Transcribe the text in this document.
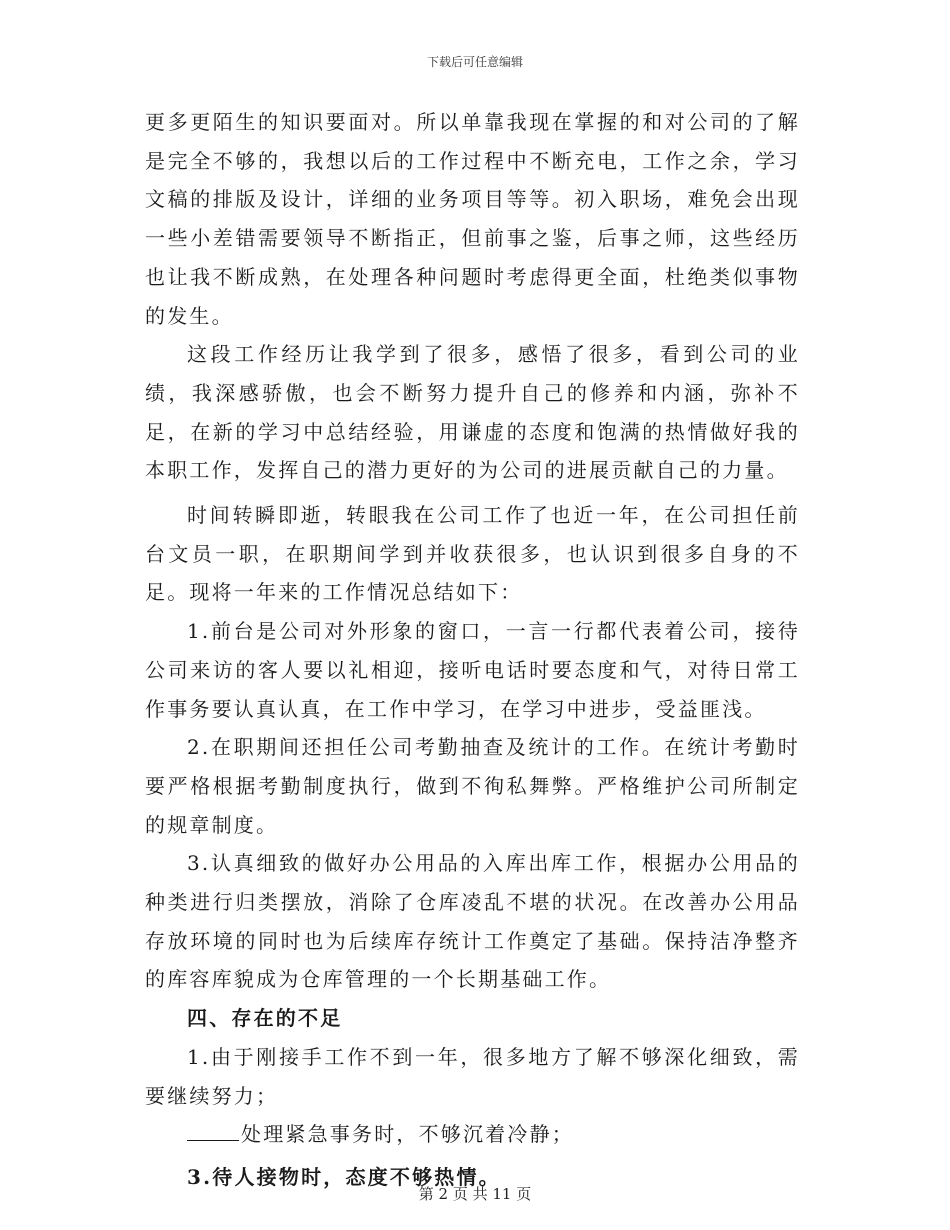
下载后可任意编辑

更多更陌生的知识要面对。所以单靠我现在掌握的和对公司的了解是完全不够的，我想以后的工作过程中不断充电，工作之余，学习文稿的排版及设计，详细的业务项目等等。初入职场，难免会出现一些小差错需要领导不断指正，但前事之鉴，后事之师，这些经历也让我不断成熟，在处理各种问题时考虑得更全面，杜绝类似事物的发生。

这段工作经历让我学到了很多，感悟了很多，看到公司的业绩，我深感骄傲，也会不断努力提升自己的修养和内涵，弥补不足，在新的学习中总结经验，用谦虚的态度和饱满的热情做好我的本职工作，发挥自己的潜力更好的为公司的进展贡献自己的力量。

时间转瞬即逝，转眼我在公司工作了也近一年，在公司担任前台文员一职，在职期间学到并收获很多，也认识到很多自身的不足。现将一年来的工作情况总结如下：

1.前台是公司对外形象的窗口，一言一行都代表着公司，接待公司来访的客人要以礼相迎，接听电话时要态度和气，对待日常工作事务要认真认真，在工作中学习，在学习中进步，受益匪浅。

2.在职期间还担任公司考勤抽查及统计的工作。在统计考勤时要严格根据考勤制度执行，做到不徇私舞弊。严格维护公司所制定的规章制度。

3.认真细致的做好办公用品的入库出库工作，根据办公用品的种类进行归类摆放，消除了仓库凌乱不堪的状况。在改善办公用品存放环境的同时也为后续库存统计工作奠定了基础。保持洁净整齐的库容库貌成为仓库管理的一个长期基础工作。

四、存在的不足

1.由于刚接手工作不到一年，很多地方了解不够深化细致，需要继续努力；

处理紧急事务时，不够沉着冷静；

3.待人接物时，态度不够热情。

第 2 页 共 11 页
